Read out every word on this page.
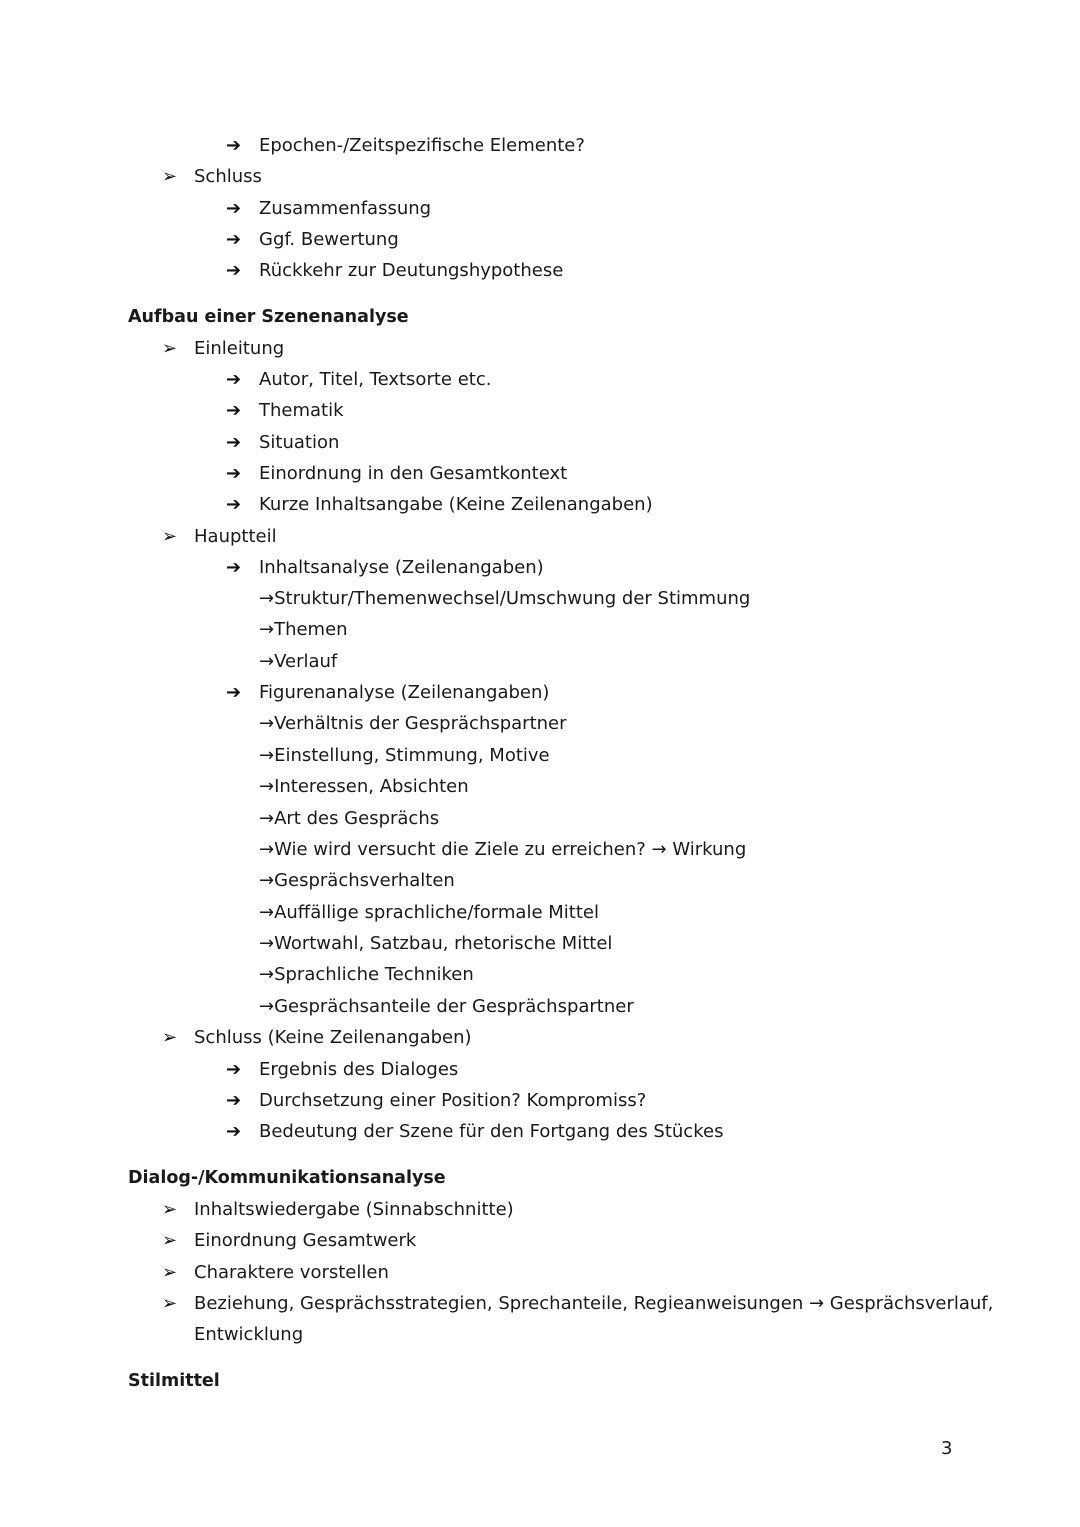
➔ Epochen-/Zeitspezifische Elemente?
➢ Schluss
➔ Zusammenfassung
➔ Ggf. Bewertung
➔ Rückkehr zur Deutungshypothese
Aufbau einer Szenenanalyse
➢ Einleitung
➔ Autor, Titel, Textsorte etc.
➔ Thematik
➔ Situation
➔ Einordnung in den Gesamtkontext
➔ Kurze Inhaltsangabe (Keine Zeilenangaben)
➢ Hauptteil
➔ Inhaltsanalyse (Zeilenangaben)
→Struktur/Themenwechsel/Umschwung der Stimmung
→Themen
→Verlauf
➔ Figurenanalyse (Zeilenangaben)
→Verhältnis der Gesprächspartner
→Einstellung, Stimmung, Motive
→Interessen, Absichten
→Art des Gesprächs
→Wie wird versucht die Ziele zu erreichen? → Wirkung
→Gesprächsverhalten
→Auffällige sprachliche/formale Mittel
→Wortwahl, Satzbau, rhetorische Mittel
→Sprachliche Techniken
→Gesprächsanteile der Gesprächspartner
➢ Schluss (Keine Zeilenangaben)
➔ Ergebnis des Dialoges
➔ Durchsetzung einer Position? Kompromiss?
➔ Bedeutung der Szene für den Fortgang des Stückes
Dialog-/Kommunikationsanalyse
➢ Inhaltswiedergabe (Sinnabschnitte)
➢ Einordnung Gesamtwerk
➢ Charaktere vorstellen
➢ Beziehung, Gesprächsstrategien, Sprechanteile, Regieanweisungen → Gesprächsverlauf,
Entwicklung
Stilmittel
3
